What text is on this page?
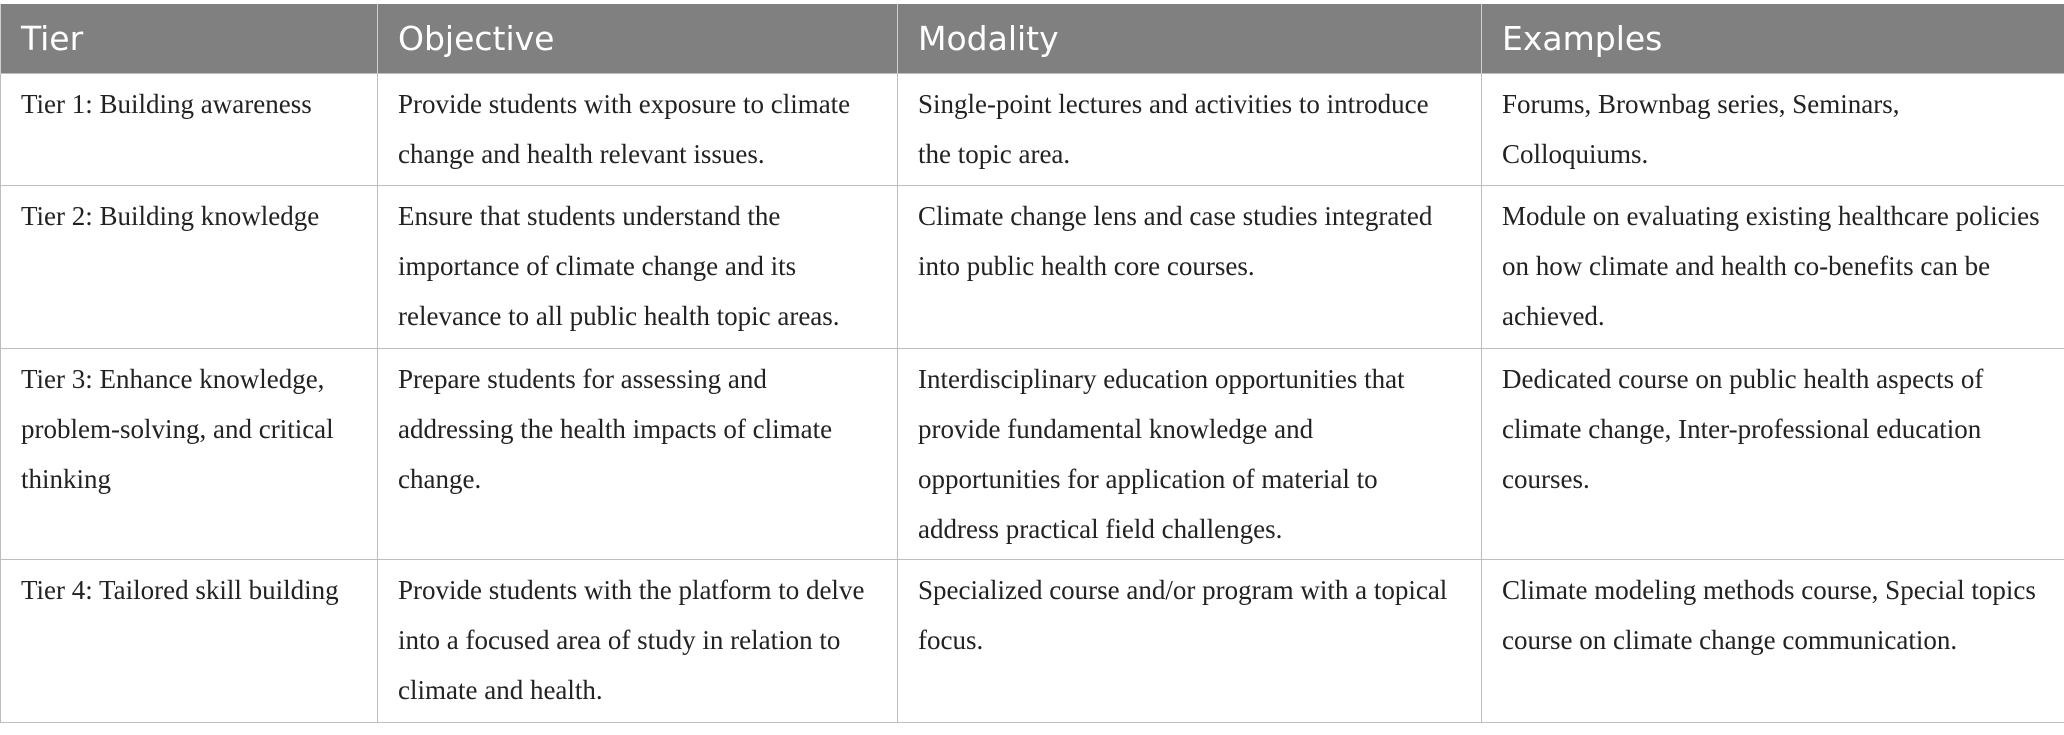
Tier	Objective	Modality	Examples
Tier 1: Building awareness	Provide students with exposure to climate change and health relevant issues.	Single-point lectures and activities to introduce the topic area.	Forums, Brownbag series, Seminars, Colloquiums.
Tier 2: Building knowledge	Ensure that students understand the importance of climate change and its relevance to all public health topic areas.	Climate change lens and case studies integrated into public health core courses.	Module on evaluating existing healthcare policies on how climate and health co-benefits can be achieved.
Tier 3: Enhance knowledge, problem-solving, and critical thinking	Prepare students for assessing and addressing the health impacts of climate change.	Interdisciplinary education opportunities that provide fundamental knowledge and opportunities for application of material to address practical field challenges.	Dedicated course on public health aspects of climate change, Inter-professional education courses.
Tier 4: Tailored skill building	Provide students with the platform to delve into a focused area of study in relation to climate and health.	Specialized course and/or program with a topical focus.	Climate modeling methods course, Special topics course on climate change communication.
